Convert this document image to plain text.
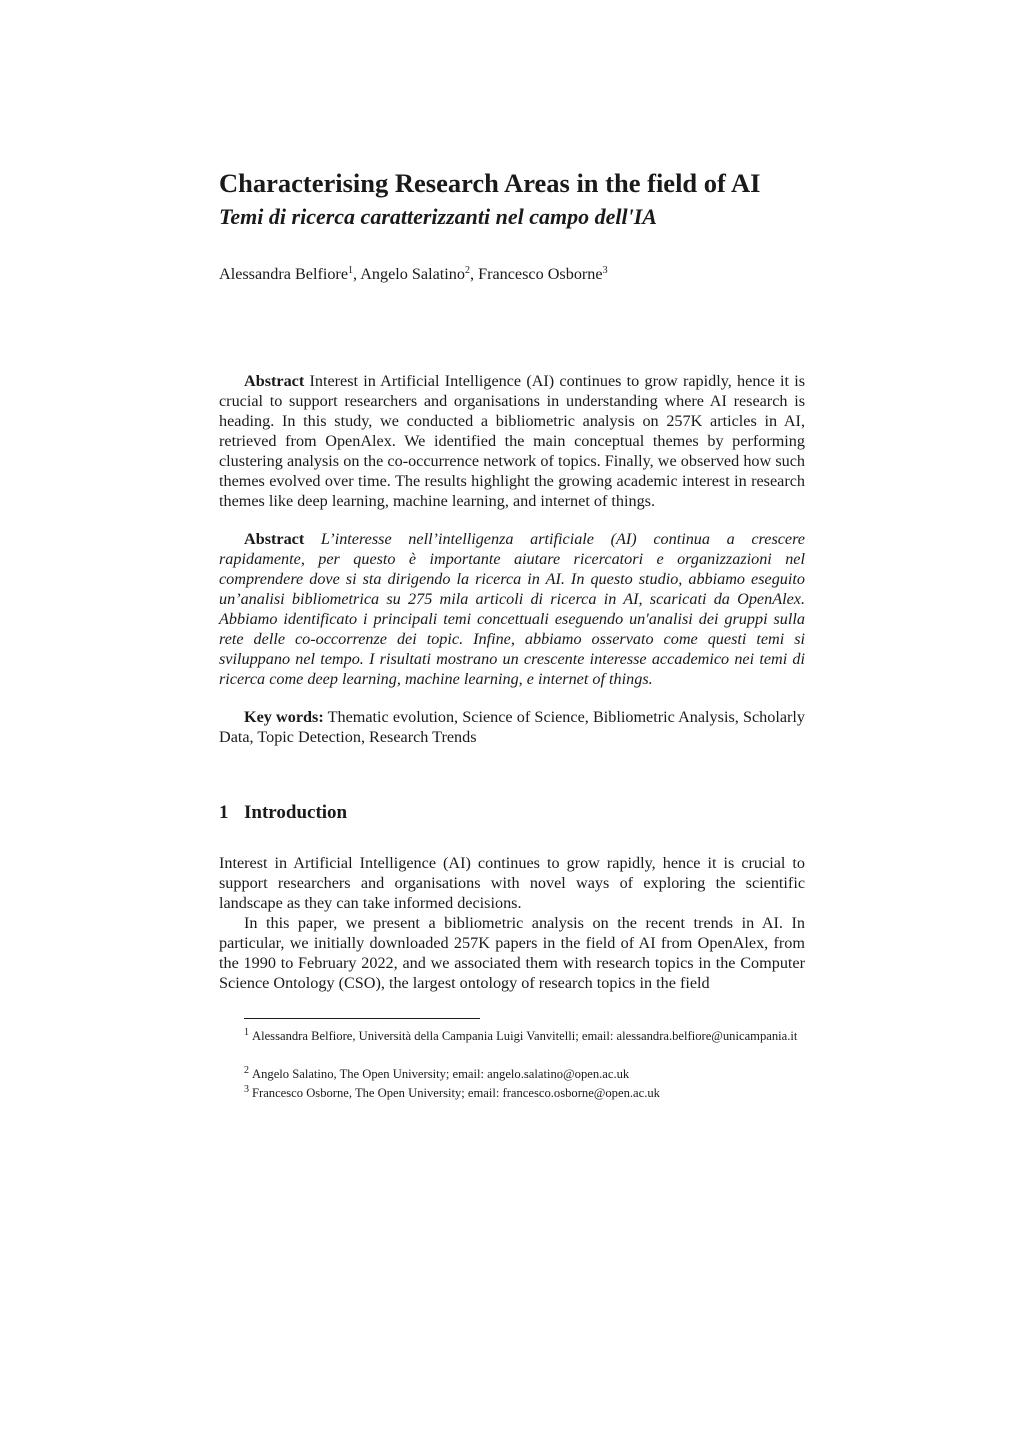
Characterising Research Areas in the field of AI
Temi di ricerca caratterizzanti nel campo dell'IA
Alessandra Belfiore$^1$, Angelo Salatino$^2$, Francesco Osborne$^3$

Abstract Interest in Artificial Intelligence (AI) continues to grow rapidly, hence it is crucial to support researchers and organisations in understanding where AI research is heading. In this study, we conducted a bibliometric analysis on 257K articles in AI, retrieved from OpenAlex. We identified the main conceptual themes by performing clustering analysis on the co-occurrence network of topics. Finally, we observed how such themes evolved over time. The results highlight the growing academic interest in research themes like deep learning, machine learning, and internet of things.

Abstract L’interesse nell’intelligenza artificiale (AI) continua a crescere rapidamente, per questo è importante aiutare ricercatori e organizzazioni nel comprendere dove si sta dirigendo la ricerca in AI. In questo studio, abbiamo eseguito un’analisi bibliometrica su 275 mila articoli di ricerca in AI, scaricati da OpenAlex. Abbiamo identificato i principali temi concettuali eseguendo un'analisi dei gruppi sulla rete delle co-occorrenze dei topic. Infine, abbiamo osservato come questi temi si sviluppano nel tempo. I risultati mostrano un crescente interesse accademico nei temi di ricerca come deep learning, machine learning, e internet of things.

Key words: Thematic evolution, Science of Science, Bibliometric Analysis, Scholarly Data, Topic Detection, Research Trends

1 Introduction

Interest in Artificial Intelligence (AI) continues to grow rapidly, hence it is crucial to support researchers and organisations with novel ways of exploring the scientific landscape as they can take informed decisions.

In this paper, we present a bibliometric analysis on the recent trends in AI. In particular, we initially downloaded 257K papers in the field of AI from OpenAlex, from the 1990 to February 2022, and we associated them with research topics in the Computer Science Ontology (CSO), the largest ontology of research topics in the field

$^1$ Alessandra Belfiore, Università della Campania Luigi Vanvitelli; email: alessandra.belfiore@unicampania.it

$^2$ Angelo Salatino, The Open University; email: angelo.salatino@open.ac.uk

$^3$ Francesco Osborne, The Open University; email: francesco.osborne@open.ac.uk
